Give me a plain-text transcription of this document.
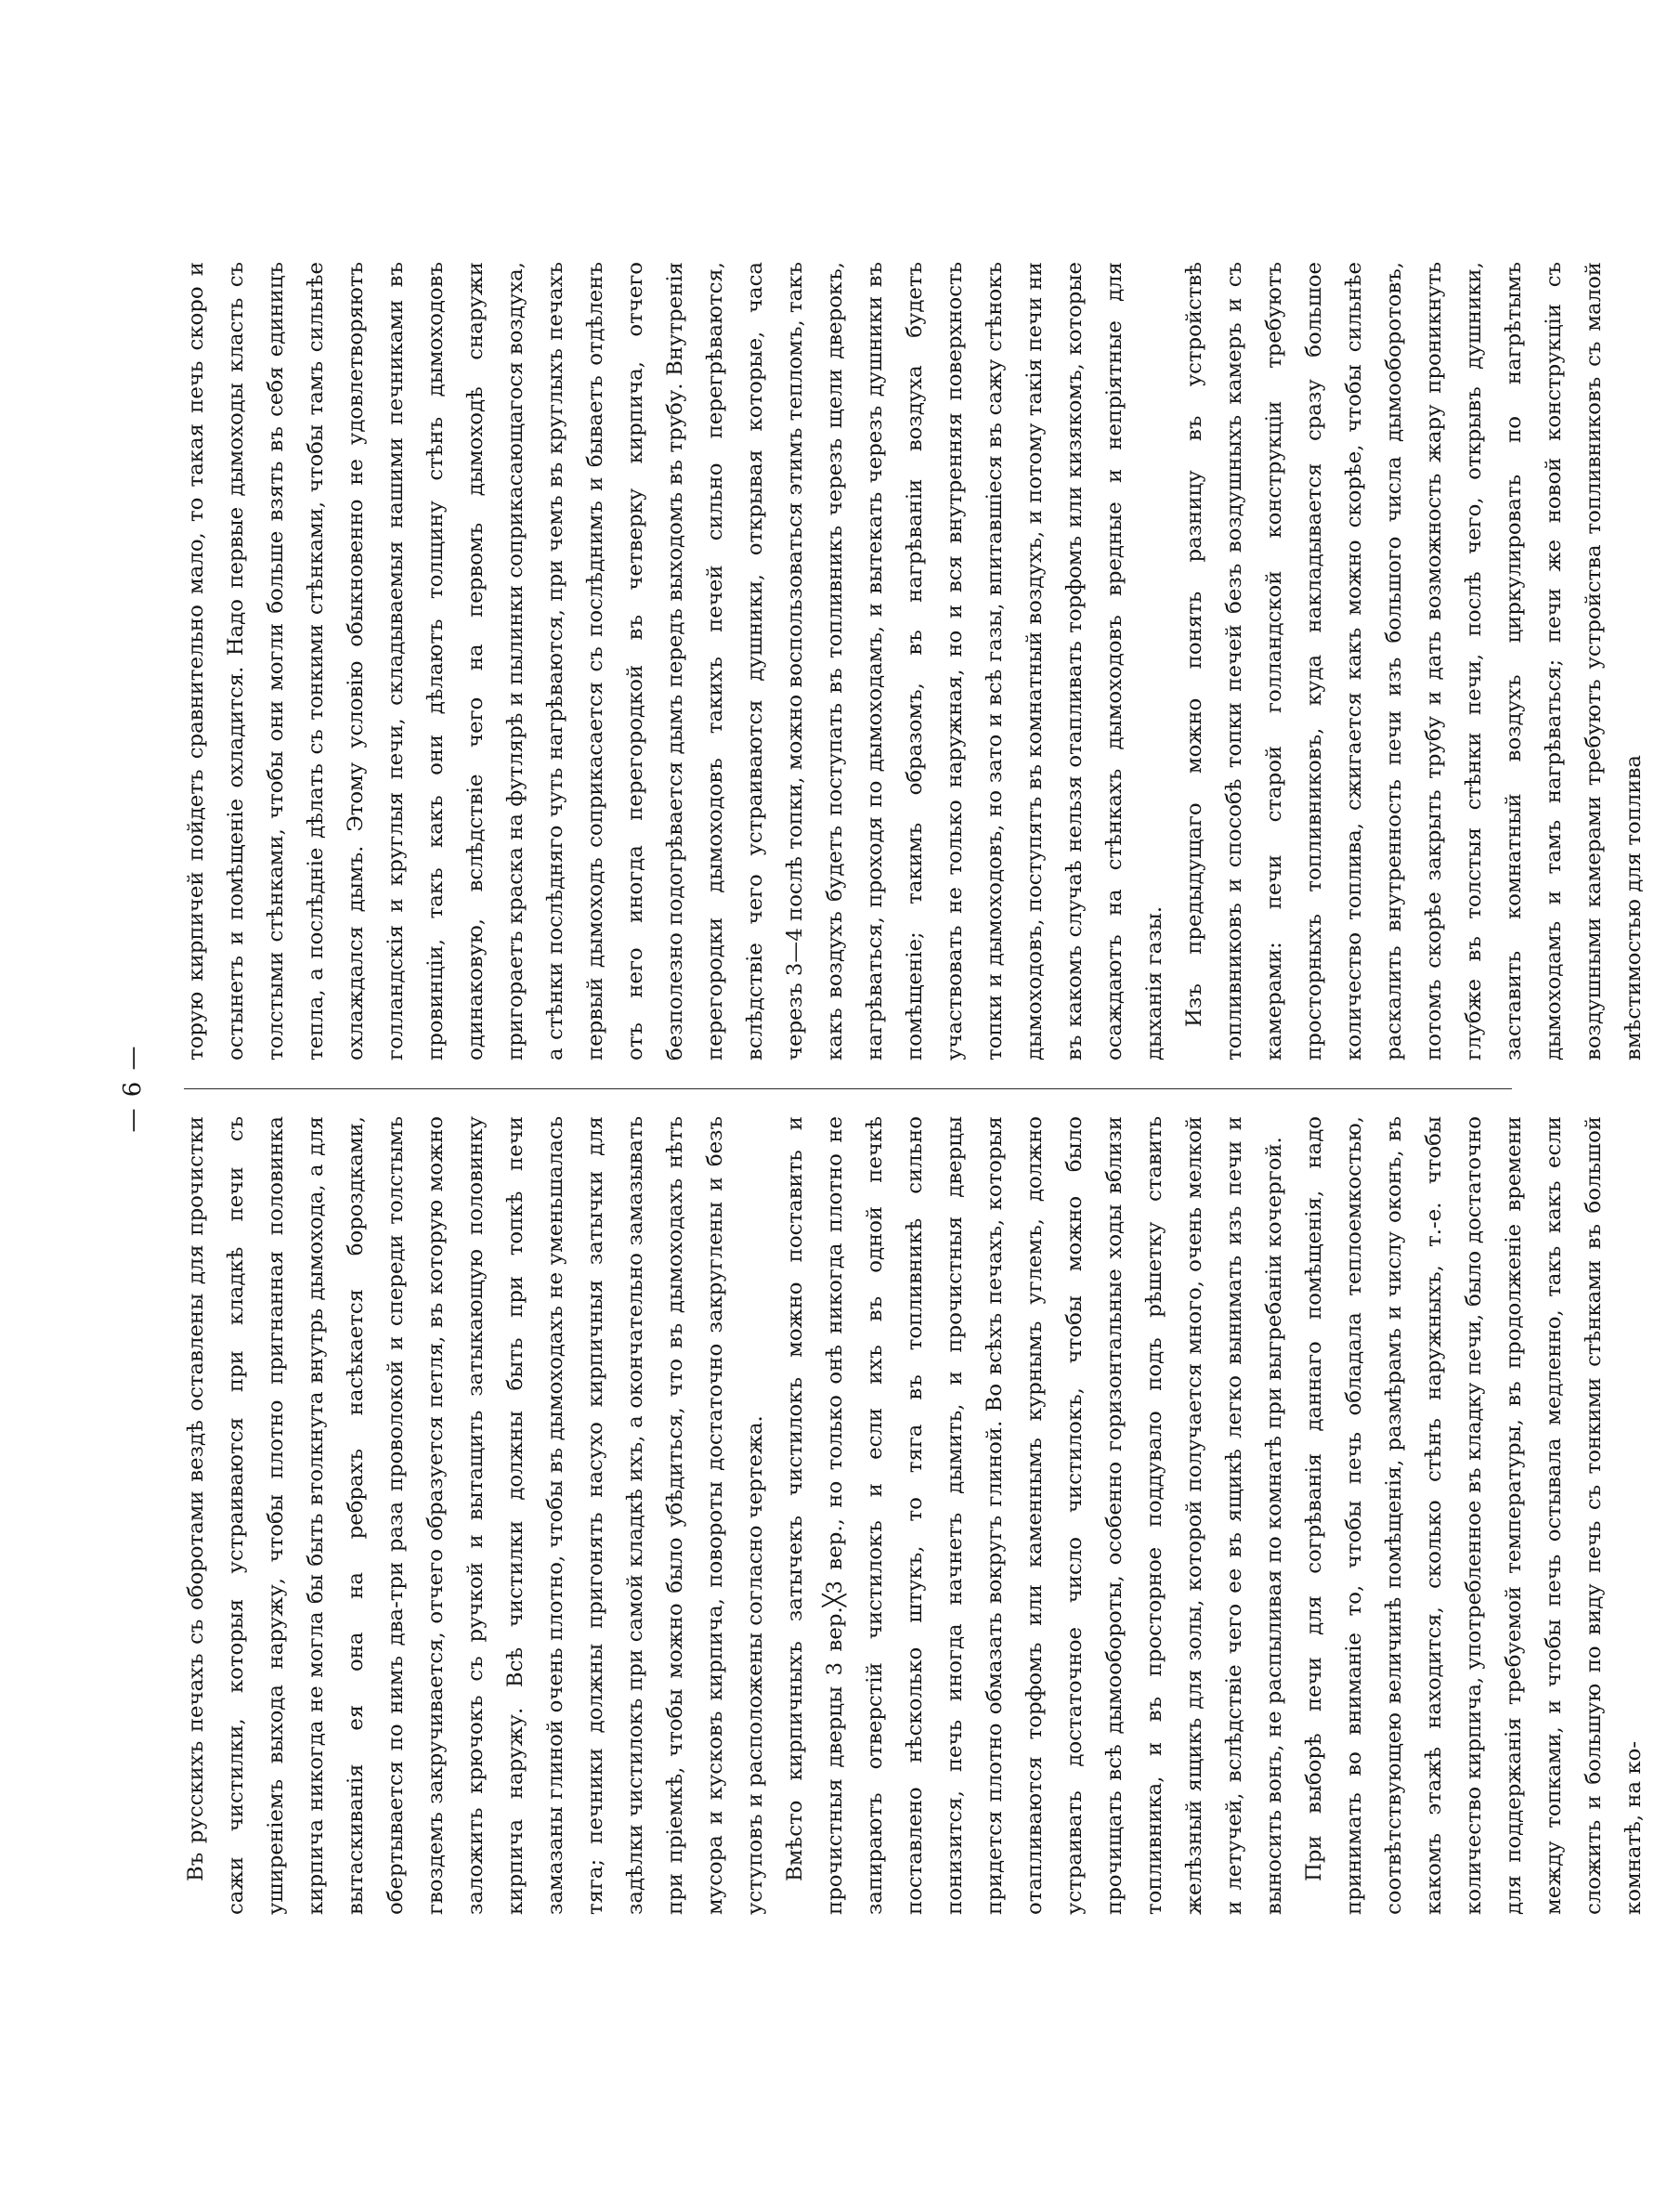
— 6 —

Въ русскихъ печахъ съ оборотами вездѣ оставлены для прочистки сажи чистилки, которыя устраиваются при кладкѣ печи съ уширеніемъ выхода наружу, чтобы плотно пригнанная половинка кирпича никогда не могла бы быть втолкнута внутрь дымохода, а для вытаскиванія ея она на ребрахъ насѣкается бороздками, обертывается по нимъ два-три раза проволокой и спереди толстымъ гвоздемъ закручивается, отчего образуется петля, въ которую можно заложить крючокъ съ ручкой и вытащить затыкающую половинку кирпича наружу. Всѣ чистилки должны быть при топкѣ печи замазаны глиной очень плотно, чтобы въ дымоходахъ не уменьшалась тяга; печники должны пригонять насухо кирпичныя затычки для задѣлки чистилокъ при самой кладкѣ ихъ, а окончательно замазывать при пріемкѣ, чтобы можно было убѣдиться, что въ дымоходахъ нѣтъ мусора и кусковъ кирпича, повороты достаточно закруглены и безъ уступовъ и расположены согласно чертежа. Вмѣсто кирпичныхъ затычекъ чистилокъ можно поставить и прочистныя дверцы 3 вер.╳3 вер., но только онѣ никогда плотно не запираютъ отверстій чистилокъ и если ихъ въ одной печкѣ поставлено нѣсколько штукъ, то тяга въ топливникѣ сильно понизится, печь иногда начнетъ дымить, и прочистныя дверцы придется плотно обмазать вокругъ глиной. Во всѣхъ печахъ, которыя отапливаются торфомъ или каменнымъ курнымъ углемъ, должно устраивать достаточное число чистилокъ, чтобы можно было прочищать всѣ дымообороты, особенно горизонтальные ходы вблизи топливника, и въ просторное поддувало подъ рѣшетку ставить желѣзный ящикъ для золы, которой получается много, очень мелкой и летучей, вслѣдствіе чего ее въ ящикѣ легко вынимать изъ печи и выносить вонъ, не распыливая по комнатѣ при выгребаніи кочергой. При выборѣ печи для согрѣванія даннаго помѣщенія, надо принимать во вниманіе то, чтобы печь обладала теплоемкостью, соотвѣтствующею величинѣ помѣщенія, размѣрамъ и числу оконъ, въ какомъ этажѣ находится, сколько стѣнъ наружныхъ, т.-е. чтобы количество кирпича, употребленное въ кладку печи, было достаточно для поддержанія требуемой температуры, въ продолженіе времени между топками, и чтобы печь остывала медленно, такъ какъ если сложить и большую по виду печь съ тонкими стѣнками въ большой комнатѣ, на ко-

торую кирпичей пойдетъ сравнительно мало, то такая печь скоро и остынетъ и помѣщеніе охладится. Надо первые дымоходы класть съ толстыми стѣнками, чтобы они могли больше взять въ себя единицъ тепла, а послѣдніе дѣлать съ тонкими стѣнками, чтобы тамъ сильнѣе охлаждался дымъ. Этому условію обыкновенно не удовлетворяютъ голландскія и круглыя печи, складываемыя нашими печниками въ провинціи, такъ какъ они дѣлаютъ толщину стѣнъ дымоходовъ одинаковую, вслѣдствіе чего на первомъ дымоходѣ снаружи пригораетъ краска на футлярѣ и пылинки соприкасающагося воздуха, а стѣнки послѣдняго чуть нагрѣваются, при чемъ въ круглыхъ печахъ первый дымоходъ соприкасается съ послѣднимъ и бываетъ отдѣленъ отъ него иногда перегородкой въ четверку кирпича, отчего безполезно подогрѣвается дымъ передъ выходомъ въ трубу. Внутренія перегородки дымоходовъ такихъ печей сильно перегрѣваются, вслѣдствіе чего устраиваются душники, открывая которые, часа черезъ 3—4 послѣ топки, можно воспользоваться этимъ тепломъ, такъ какъ воздухъ будетъ поступать въ топливникъ черезъ щели дверокъ, нагрѣваться, проходя по дымоходамъ, и вытекать черезъ душники въ помѣщеніе; такимъ образомъ, въ нагрѣваніи воздуха будетъ участвовать не только наружная, но и вся внутренняя поверхность топки и дымоходовъ, но зато и всѣ газы, впитавшіеся въ сажу стѣнокъ дымоходовъ, поступятъ въ комнатный воздухъ, и потому такія печи ни въ какомъ случаѣ нельзя отапливать торфомъ или кизякомъ, которые осаждаютъ на стѣнкахъ дымоходовъ вредные и непріятные для дыханія газы. Изъ предыдущаго можно понять разницу въ устройствѣ топливниковъ и способѣ топки печей безъ воздушныхъ камеръ и съ камерами: печи старой голландской конструкціи требуютъ просторныхъ топливниковъ, куда накладывается сразу большое количество топлива, сжигается какъ можно скорѣе, чтобы сильнѣе раскалить внутренность печи изъ большого числа дымооборотовъ, потомъ скорѣе закрыть трубу и дать возможность жару проникнуть глубже въ толстыя стѣнки печи, послѣ чего, открывъ душники, заставить комнатный воздухъ циркулировать по нагрѣтымъ дымоходамъ и тамъ нагрѣваться; печи же новой конструкціи съ воздушными камерами требуютъ устройства топливниковъ съ малой вмѣстимостью для топлива
